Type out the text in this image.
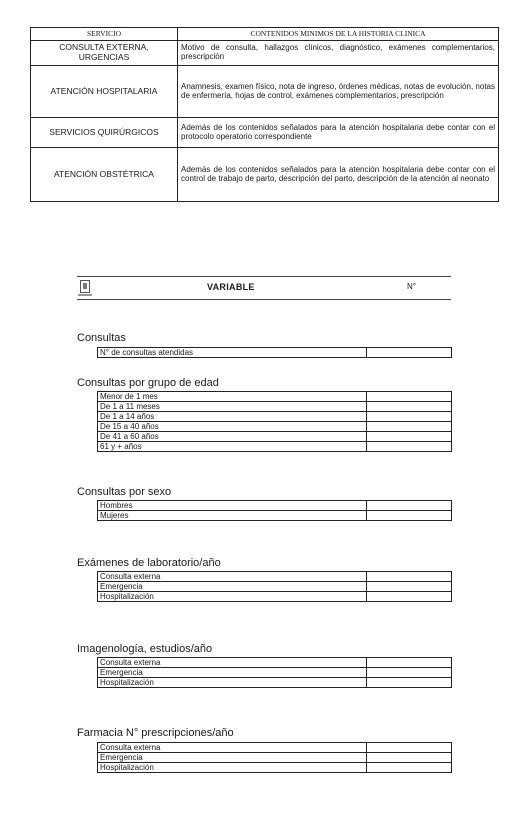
SERVICIO	CONTENIDOS MINIMOS DE LA HISTORIA CLINICA
CONSULTA EXTERNA, URGENCIAS	Motivo de consulta, hallazgos clínicos, diagnóstico, exámenes complementarios, prescripción
ATENCIÓN HOSPITALARIA	Anamnesis, examen físico, nota de ingreso, órdenes médicas, notas de evolución, notas de enfermería, hojas de control, exámenes complementarios, prescripción
SERVICIOS QUIRÚRGICOS	Además de los contenidos señalados para la atención hospitalaria debe contar con el protocolo operatorio correspondiente
ATENCIÓN OBSTÉTRICA	Además de los contenidos señalados para la atención hospitalaria debe contar con el control de trabajo de parto, descripción del parto, descripción de la atención al neonato
VARIABLE	N°
Consultas
N° de consultas atendidas	
Consultas por grupo de edad
Menor de 1 mes	
De 1 a 11 meses	
De 1 a 14 años	
De 15 a 40 años	
De 41 a 60 años	
61 y + años	
Consultas por sexo
Hombres	
Mujeres	
Exámenes de laboratorio/año
Consulta externa	
Emergencia	
Hospitalización	
Imagenología, estudios/año
Consulta externa	
Emergencia	
Hospitalización	
Farmacia N° prescripciones/año
Consulta externa	
Emergencia	
Hospitalización	
